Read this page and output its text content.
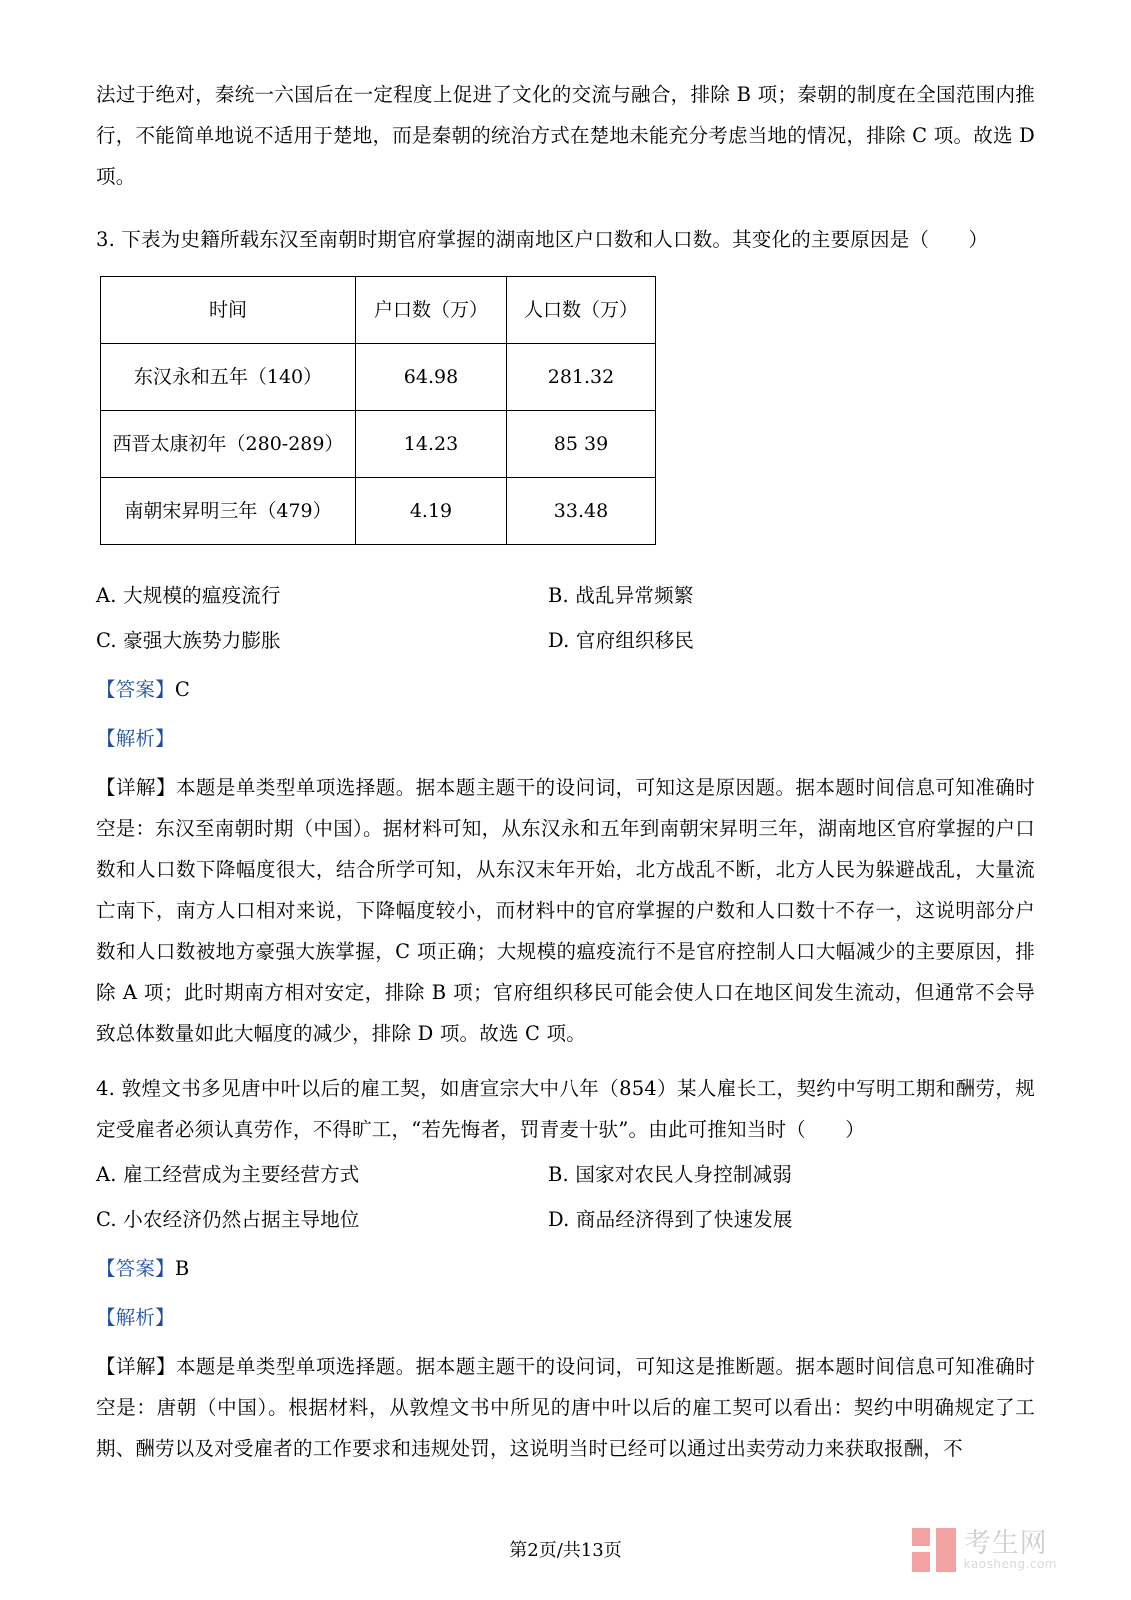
法过于绝对，秦统一六国后在一定程度上促进了文化的交流与融合，排除 B 项；秦朝的制度在全国范围内推行，不能简单地说不适用于楚地，而是秦朝的统治方式在楚地未能充分考虑当地的情况，排除 C 项。故选 D 项。

3. 下表为史籍所载东汉至南朝时期官府掌握的湖南地区户口数和人口数。其变化的主要原因是（　　）

时间	户口数（万）	人口数（万）
东汉永和五年（140）	64.98	281.32
西晋太康初年（280-289）	14.23	85 39
南朝宋昇明三年（479）	4.19	33.48

A. 大规模的瘟疫流行	B. 战乱异常频繁

C. 豪强大族势力膨胀	D. 官府组织移民

【答案】C

【解析】

【详解】本题是单类型单项选择题。据本题主题干的设问词，可知这是原因题。据本题时间信息可知准确时空是：东汉至南朝时期（中国）。据材料可知，从东汉永和五年到南朝宋昇明三年，湖南地区官府掌握的户口数和人口数下降幅度很大，结合所学可知，从东汉末年开始，北方战乱不断，北方人民为躲避战乱，大量流亡南下，南方人口相对来说，下降幅度较小，而材料中的官府掌握的户数和人口数十不存一，这说明部分户数和人口数被地方豪强大族掌握，C 项正确；大规模的瘟疫流行不是官府控制人口大幅减少的主要原因，排除 A 项；此时期南方相对安定，排除 B 项；官府组织移民可能会使人口在地区间发生流动，但通常不会导致总体数量如此大幅度的减少，排除 D 项。故选 C 项。

4. 敦煌文书多见唐中叶以后的雇工契，如唐宣宗大中八年（854）某人雇长工，契约中写明工期和酬劳，规定受雇者必须认真劳作，不得旷工，“若先悔者，罚青麦十驮”。由此可推知当时（　　）

A. 雇工经营成为主要经营方式	B. 国家对农民人身控制减弱

C. 小农经济仍然占据主导地位	D. 商品经济得到了快速发展

【答案】B

【解析】

【详解】本题是单类型单项选择题。据本题主题干的设问词，可知这是推断题。据本题时间信息可知准确时空是：唐朝（中国）。根据材料，从敦煌文书中所见的唐中叶以后的雇工契可以看出：契约中明确规定了工期、酬劳以及对受雇者的工作要求和违规处罚，这说明当时已经可以通过出卖劳动力来获取报酬，不

第2页/共13页	考生网
kaosheng.com
